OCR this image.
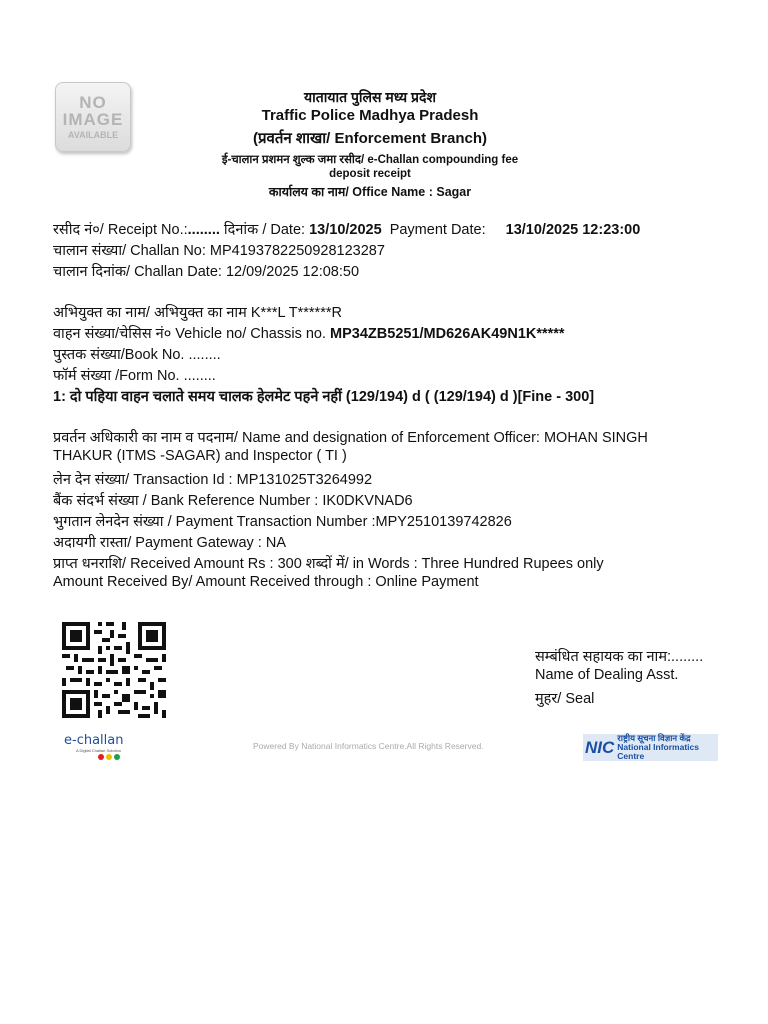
NO
IMAGE
AVAILABLE
यातायात पुलिस मध्य प्रदेश
Traffic Police Madhya Pradesh
(प्रवर्तन शाखा/ Enforcement Branch)
ई-चालान प्रशमन शुल्क जमा रसीद/ e-Challan compounding fee
deposit receipt
कार्यालय का नाम/ Office Name : Sagar
रसीद नं०/ Receipt No.:........ दिनांक / Date: 13/10/2025 Payment Date: 13/10/2025 12:23:00
चालान संख्या/ Challan No: MP4193782250928123287
चालान दिनांक/ Challan Date: 12/09/2025 12:08:50
अभियुक्त का नाम/ अभियुक्त का नाम K***L T******R
वाहन संख्या/चेसिस नं० Vehicle no/ Chassis no. MP34ZB5251/MD626AK49N1K*****
पुस्तक संख्या/Book No. ........
फॉर्म संख्या /Form No. ........
1: दो पहिया वाहन चलाते समय चालक हेलमेट पहने नहीं (129/194) d ( (129/194) d )[Fine - 300]
प्रवर्तन अधिकारी का नाम व पदनाम/ Name and designation of Enforcement Officer: MOHAN SINGH
THAKUR (ITMS -SAGAR) and Inspector ( TI )
लेन देन संख्या/ Transaction Id : MP131025T3264992
बैंक संदर्भ संख्या / Bank Reference Number : IK0DKVNAD6
भुगतान लेनदेन संख्या / Payment Transaction Number :MPY2510139742826
अदायगी रास्ता/ Payment Gateway : NA
प्राप्त धनराशि/ Received Amount Rs : 300 शब्दों में/ in Words : Three Hundred Rupees only
Amount Received By/ Amount Received through : Online Payment
सम्बंधित सहायक का नाम:........
Name of Dealing Asst.
मुहर/ Seal
e-challan
A Digital Challan Solution	Powered By National Informatics Centre.All Rights Reserved.	NIC राष्ट्रीय सूचना विज्ञान केंद्र
National Informatics Centre
